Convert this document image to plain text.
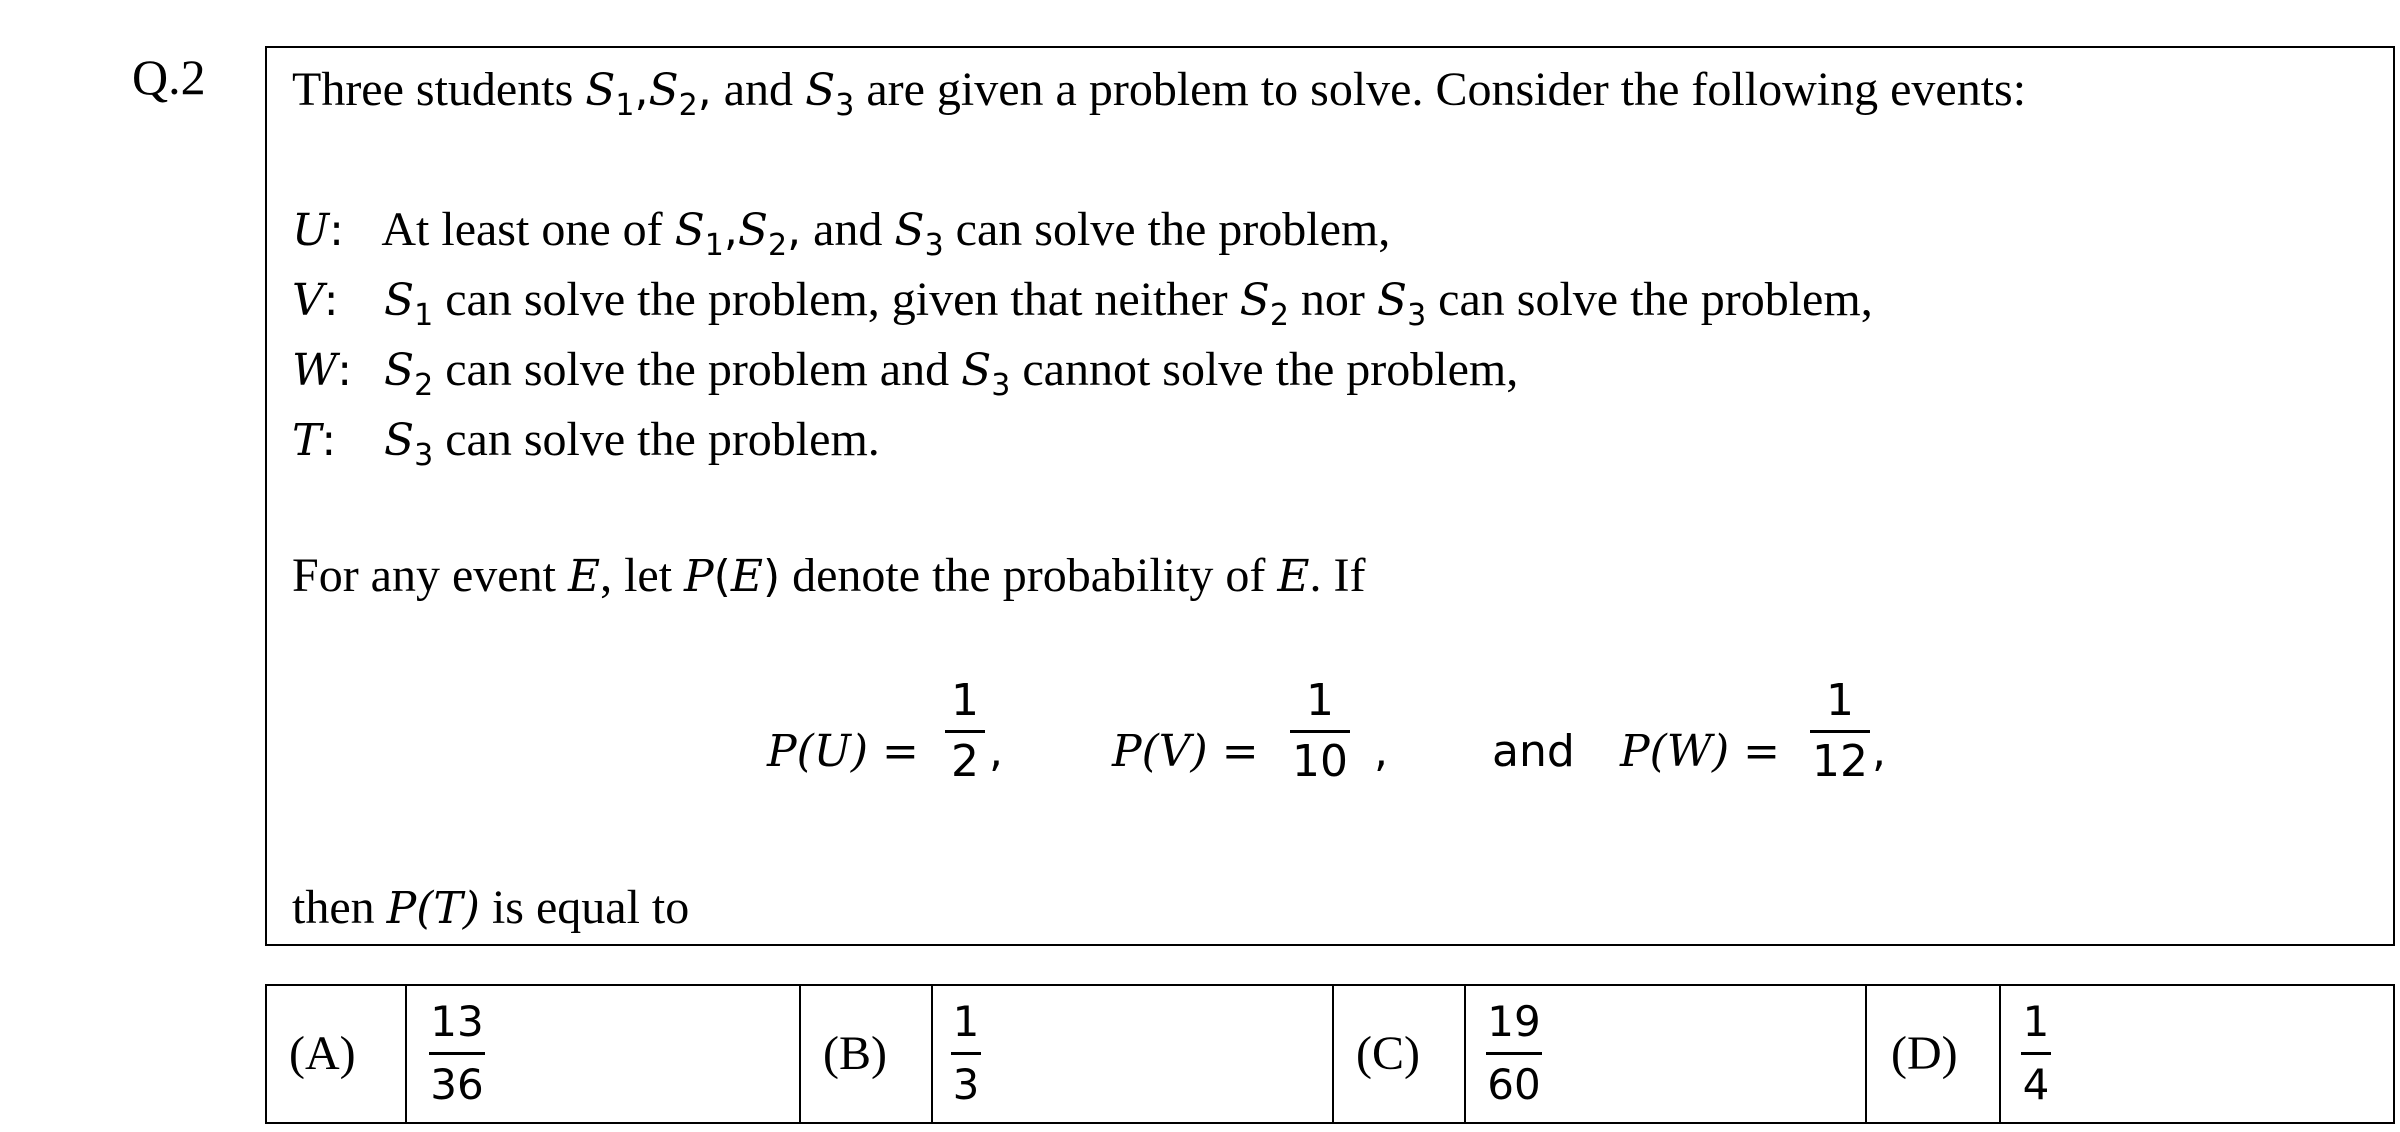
Q.2 Three students $S_1,S_2$, and $S_3$ are given a problem to solve. Consider the following events:
U: At least one of $S_1,S_2$, and $S_3$ can solve the problem,
V: $S_1$ can solve the problem, given that neither $S_2$ nor $S_3$ can solve the problem,
W: $S_2$ can solve the problem and $S_3$ cannot solve the problem,
T: $S_3$ can solve the problem.
For any event E, let P(E) denote the probability of E. If
P(U) =
1
2 , P(V) =
1
10 , and P(W) =
1
12 ,
then P(T) is equal to
(A)
13
36
(B)
1
3
(C)
19
60
(D)
1
4
